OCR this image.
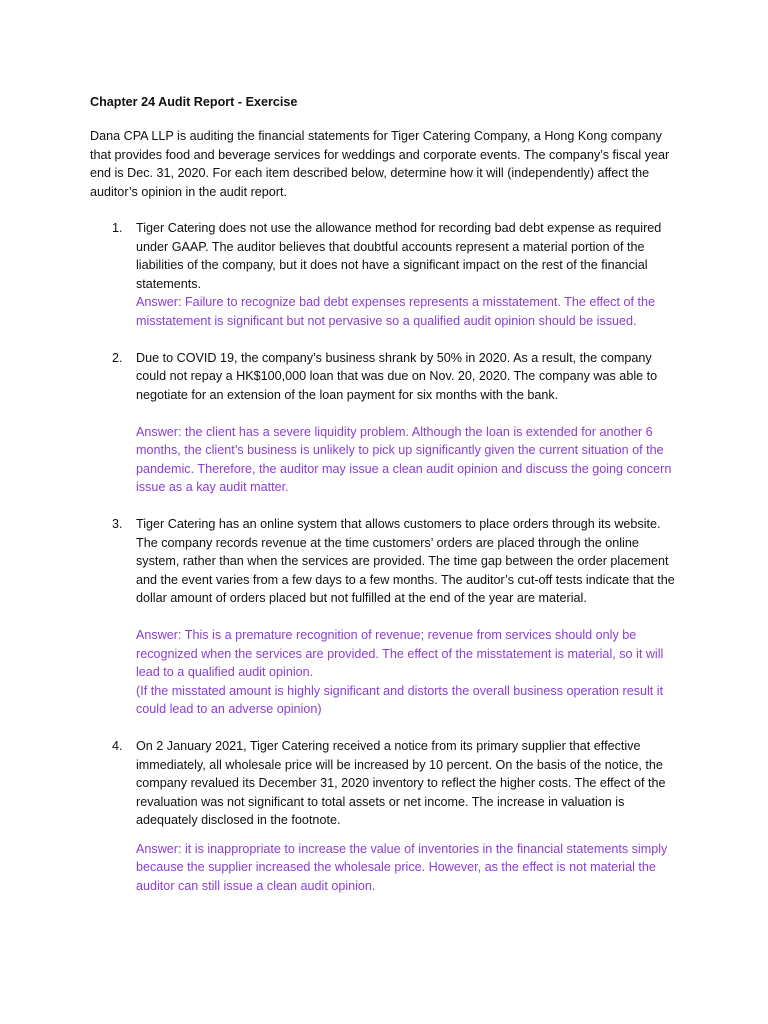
Chapter 24 Audit Report - Exercise

Dana CPA LLP is auditing the financial statements for Tiger Catering Company, a Hong Kong company that provides food and beverage services for weddings and corporate events. The company’s fiscal year end is Dec. 31, 2020. For each item described below, determine how it will (independently) affect the auditor’s opinion in the audit report.

1. Tiger Catering does not use the allowance method for recording bad debt expense as required under GAAP. The auditor believes that doubtful accounts represent a material portion of the liabilities of the company, but it does not have a significant impact on the rest of the financial statements.

Answer: Failure to recognize bad debt expenses represents a misstatement. The effect of the misstatement is significant but not pervasive so a qualified audit opinion should be issued.

2. Due to COVID 19, the company’s business shrank by 50% in 2020. As a result, the company could not repay a HK$100,000 loan that was due on Nov. 20, 2020. The company was able to negotiate for an extension of the loan payment for six months with the bank.

Answer: the client has a severe liquidity problem. Although the loan is extended for another 6 months, the client’s business is unlikely to pick up significantly given the current situation of the pandemic. Therefore, the auditor may issue a clean audit opinion and discuss the going concern issue as a kay audit matter.

3. Tiger Catering has an online system that allows customers to place orders through its website. The company records revenue at the time customers’ orders are placed through the online system, rather than when the services are provided. The time gap between the order placement and the event varies from a few days to a few months. The auditor’s cut-off tests indicate that the dollar amount of orders placed but not fulfilled at the end of the year are material.

Answer: This is a premature recognition of revenue; revenue from services should only be recognized when the services are provided. The effect of the misstatement is material, so it will lead to a qualified audit opinion.

(If the misstated amount is highly significant and distorts the overall business operation result it could lead to an adverse opinion)

4. On 2 January 2021, Tiger Catering received a notice from its primary supplier that effective immediately, all wholesale price will be increased by 10 percent. On the basis of the notice, the company revalued its December 31, 2020 inventory to reflect the higher costs. The effect of the revaluation was not significant to total assets or net income. The increase in valuation is adequately disclosed in the footnote.

Answer: it is inappropriate to increase the value of inventories in the financial statements simply because the supplier increased the wholesale price. However, as the effect is not material the auditor can still issue a clean audit opinion.
